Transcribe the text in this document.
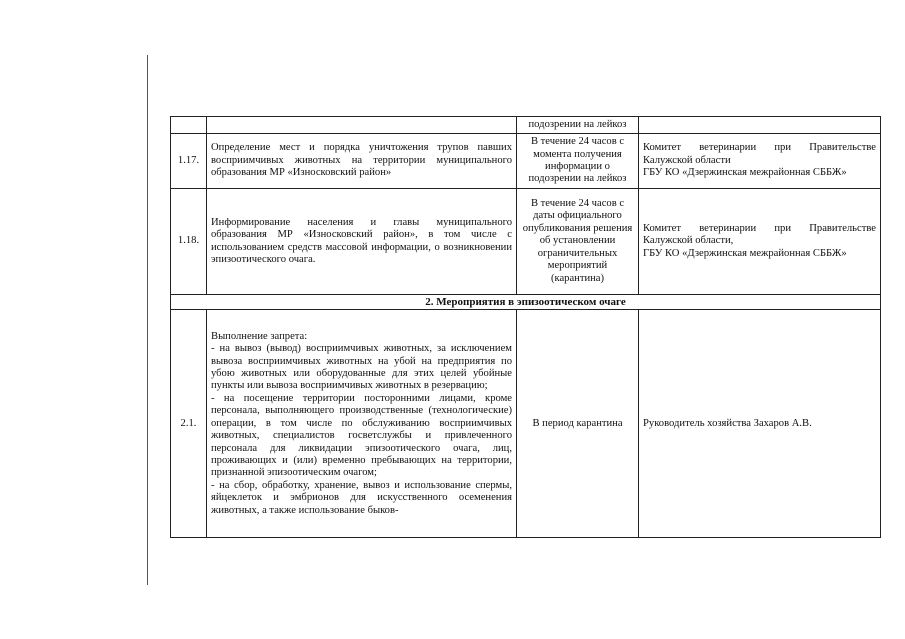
		подозрении на лейкоз	
1.17.	Определение мест и порядка уничтожения трупов павших восприимчивых животных на территории муниципального образования МР «Износковский район»	В течение 24 часов с момента получения информации о подозрении на лейкоз	Комитет ветеринарии при Правительстве Калужской области
ГБУ КО «Дзержинская межрайонная СББЖ»
1.18.	Информирование населения и главы муниципального образования МР «Износковский район», в том числе с использованием средств массовой информации, о возникновении эпизоотического очага.	В течение 24 часов с даты официального опубликования решения об установлении ограничительных мероприятий (карантина)	Комитет ветеринарии при Правительстве Калужской области,
ГБУ КО «Дзержинская межрайонная СББЖ»
2. Мероприятия в эпизоотическом очаге			
2.1.	Выполнение запрета:
- на вывоз (вывод) восприимчивых животных, за исключением вывоза восприимчивых животных на убой на предприятия по убою животных или оборудованные для этих целей убойные пункты или вывоза восприимчивых животных в резервацию;
- на посещение территории посторонними лицами, кроме персонала, выполняющего производственные (технологические) операции, в том числе по обслуживанию восприимчивых животных, специалистов госветслужбы и привлеченного персонала для ликвидации эпизоотического очага, лиц, проживающих и (или) временно пребывающих на территории, признанной эпизоотическим очагом;
- на сбор, обработку, хранение, вывоз и использование спермы, яйцеклеток и эмбрионов для искусственного осеменения животных, а также использование быков-	В период карантина	Руководитель хозяйства Захаров А.В.
